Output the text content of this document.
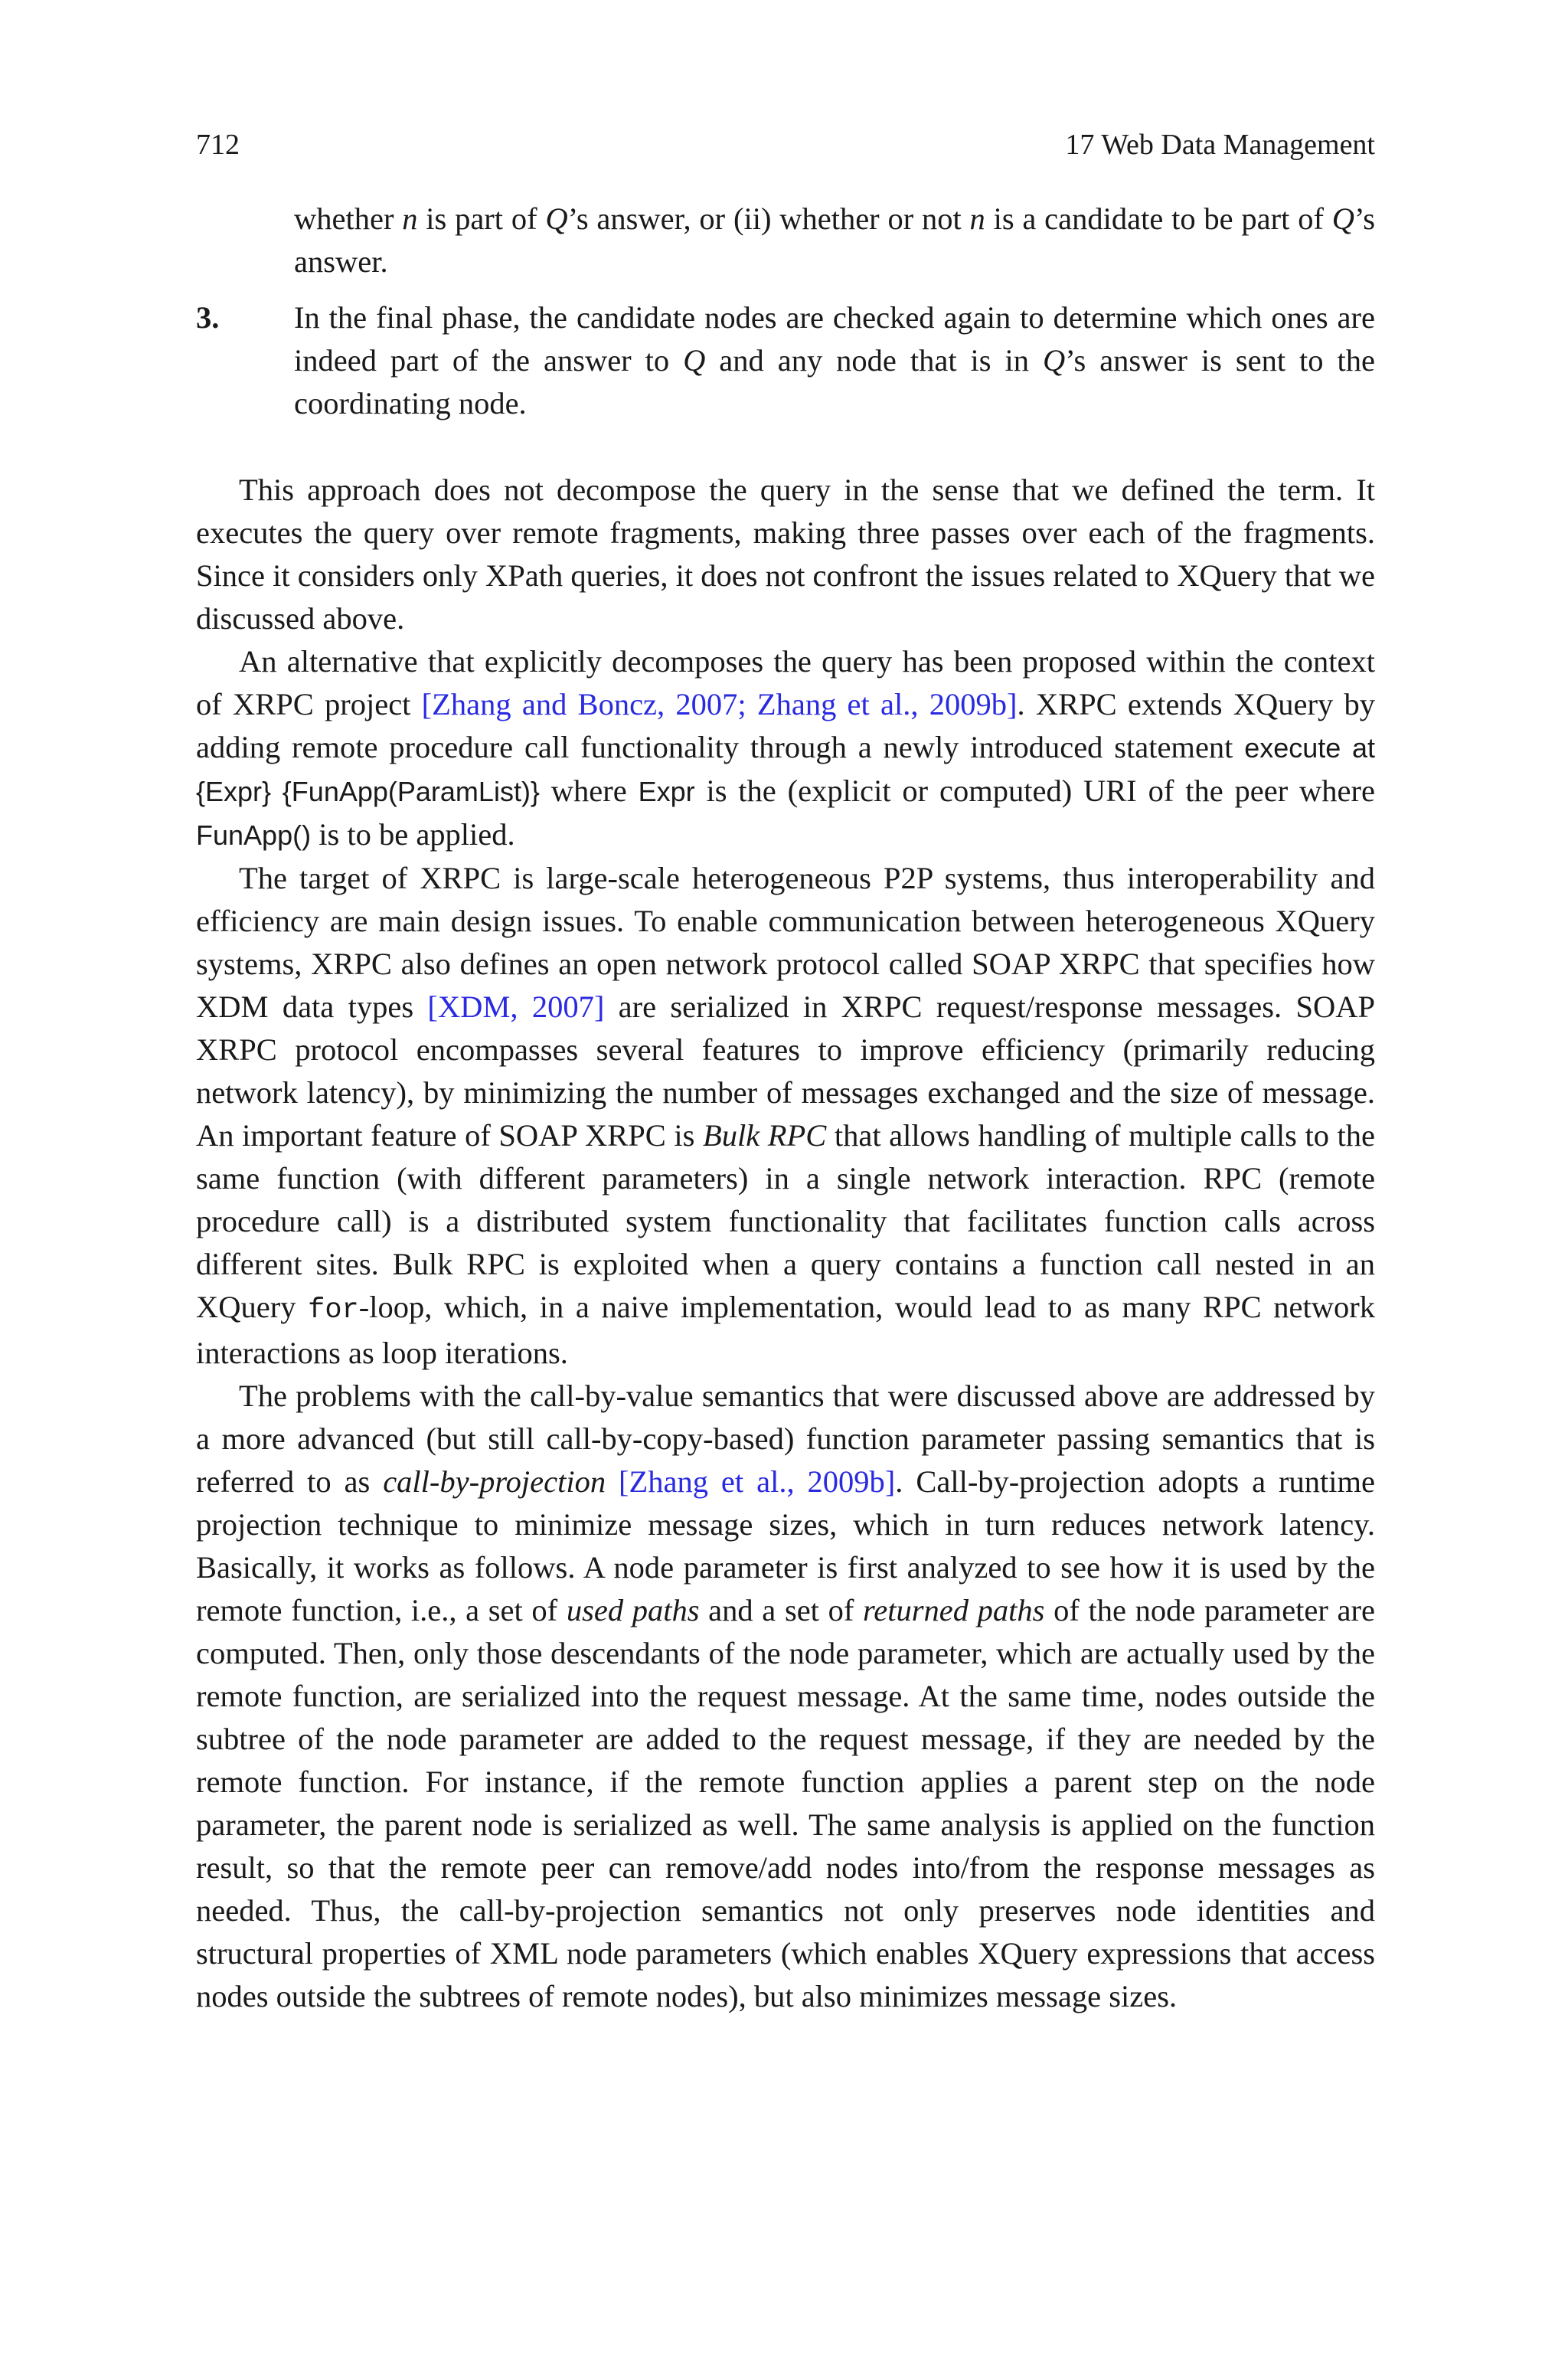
712	17 Web Data Management
whether n is part of Q’s answer, or (ii) whether or not n is a candidate to be part of Q’s answer.
3.	In the final phase, the candidate nodes are checked again to determine which ones are indeed part of the answer to Q and any node that is in Q’s answer is sent to the coordinating node.

This approach does not decompose the query in the sense that we defined the term. It executes the query over remote fragments, making three passes over each of the fragments. Since it considers only XPath queries, it does not confront the issues related to XQuery that we discussed above.

An alternative that explicitly decomposes the query has been proposed within the context of XRPC project [Zhang and Boncz, 2007; Zhang et al., 2009b]. XRPC extends XQuery by adding remote procedure call functionality through a newly introduced statement execute at {Expr} {FunApp(ParamList)} where Expr is the (explicit or computed) URI of the peer where FunApp() is to be applied.

The target of XRPC is large-scale heterogeneous P2P systems, thus interoperability and efficiency are main design issues. To enable communication between heterogeneous XQuery systems, XRPC also defines an open network protocol called SOAP XRPC that specifies how XDM data types [XDM, 2007] are serialized in XRPC request/response messages. SOAP XRPC protocol encompasses several features to improve efficiency (primarily reducing network latency), by minimizing the number of messages exchanged and the size of message. An important feature of SOAP XRPC is Bulk RPC that allows handling of multiple calls to the same function (with different parameters) in a single network interaction. RPC (remote procedure call) is a distributed system functionality that facilitates function calls across different sites. Bulk RPC is exploited when a query contains a function call nested in an XQuery for-loop, which, in a naive implementation, would lead to as many RPC network interactions as loop iterations.

The problems with the call-by-value semantics that were discussed above are addressed by a more advanced (but still call-by-copy-based) function parameter passing semantics that is referred to as call-by-projection [Zhang et al., 2009b]. Call-by-projection adopts a runtime projection technique to minimize message sizes, which in turn reduces network latency. Basically, it works as follows. A node parameter is first analyzed to see how it is used by the remote function, i.e., a set of used paths and a set of returned paths of the node parameter are computed. Then, only those descendants of the node parameter, which are actually used by the remote function, are serialized into the request message. At the same time, nodes outside the subtree of the node parameter are added to the request message, if they are needed by the remote function. For instance, if the remote function applies a parent step on the node parameter, the parent node is serialized as well. The same analysis is applied on the function result, so that the remote peer can remove/add nodes into/from the response messages as needed. Thus, the call-by-projection semantics not only preserves node identities and structural properties of XML node parameters (which enables XQuery expressions that access nodes outside the subtrees of remote nodes), but also minimizes message sizes.
